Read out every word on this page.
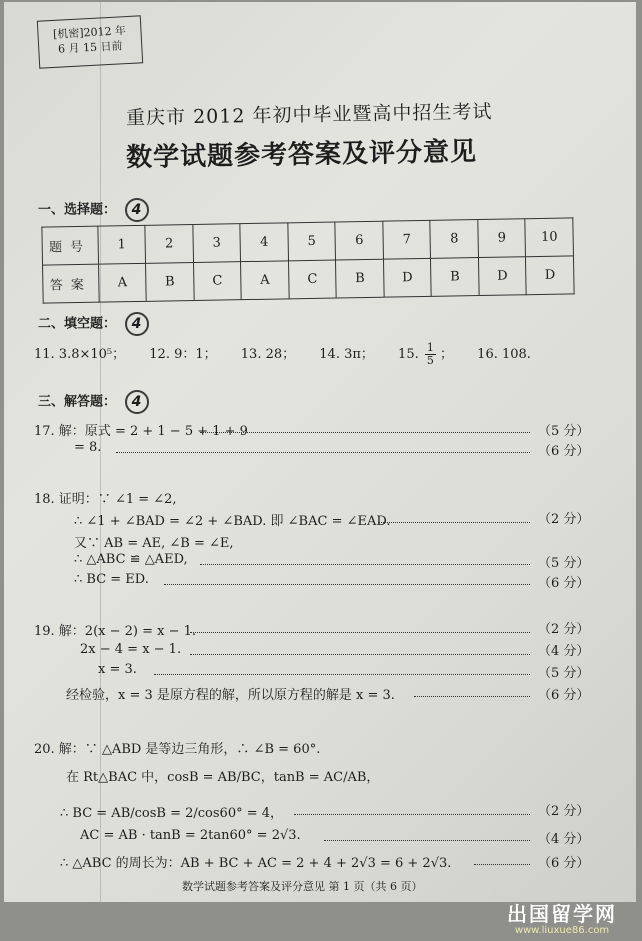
[机密]2012 年
6 月 15 日前
重庆市 2012 年初中毕业暨高中招生考试
数学试题参考答案及评分意见
一、选择题： 4
题号	1	2	3	4	5	6	7	8	9	10
答案	A	B	C	A	C	B	D	B	D	D
二、填空题： 4
11. 3.8×10⁵； 12. 9：1； 13. 28； 14. 3π； 15. $\frac{1}{5}$ ； 16. 108.
三、解答题： 4
17. 解：原式 = 2 + 1 − 5 + 1 + 9	（5 分）
= 8.	（6 分）
18. 证明：∵ ∠1 = ∠2,
∴ ∠1 + ∠BAD = ∠2 + ∠BAD. 即 ∠BAC = ∠EAD.	（2 分）
又∵ AB = AE, ∠B = ∠E,
∴ △ABC ≌ △AED,	（5 分）
∴ BC = ED.	（6 分）
19. 解：2(x − 2) = x − 1.	（2 分）
2x − 4 = x − 1.	（4 分）
x = 3.	（5 分）
经检验，x = 3 是原方程的解，所以原方程的解是 x = 3.	（6 分）
20. 解：∵ △ABD 是等边三角形，∴ ∠B = 60°.
在 Rt△BAC 中，cosB = AB/BC，tanB = AC/AB，
∴ BC = AB/cosB = 2/cos60° = 4，	（2 分）
AC = AB · tanB = 2tan60° = 2√3.	（4 分）
∴ △ABC 的周长为：AB + BC + AC = 2 + 4 + 2√3 = 6 + 2√3.	（6 分）
数学试题参考答案及评分意见 第 1 页（共 6 页）
出国留学网
www.liuxue86.com
